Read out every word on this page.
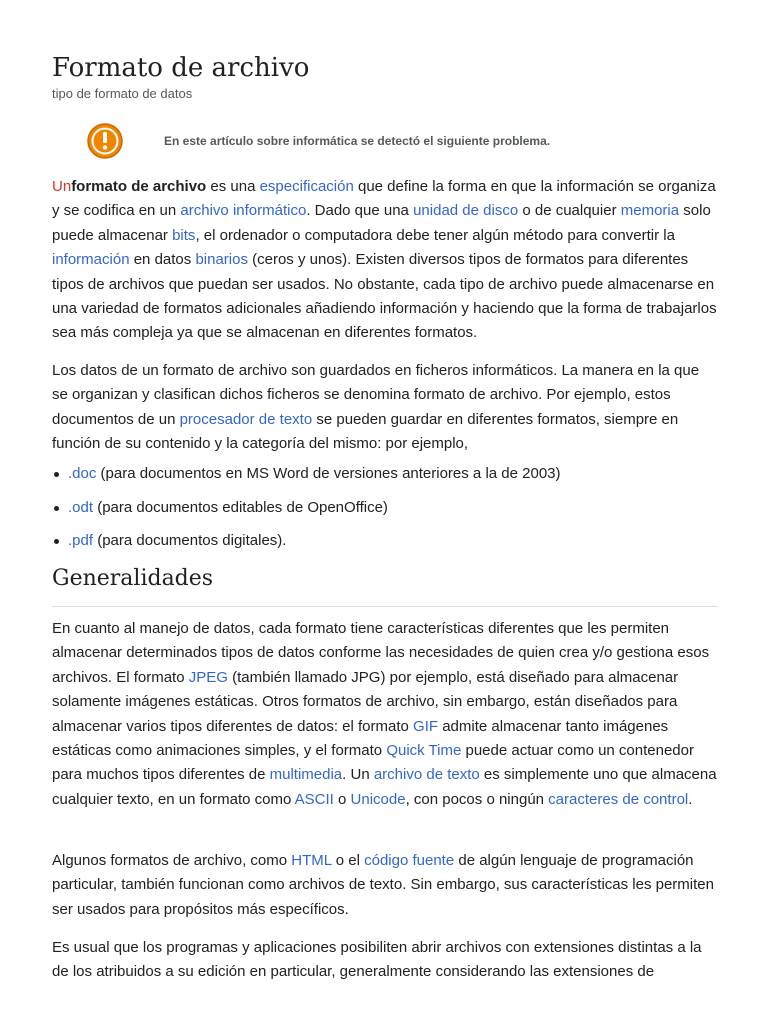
Formato de archivo
tipo de formato de datos
En este artículo sobre informática se detectó el siguiente problema.

Unformato de archivo es una especificación que define la forma en que la información se organiza y se codifica en un archivo informático. Dado que una unidad de disco o de cualquier memoria solo puede almacenar bits, el ordenador o computadora debe tener algún método para convertir la información en datos binarios (ceros y unos). Existen diversos tipos de formatos para diferentes tipos de archivos que puedan ser usados. No obstante, cada tipo de archivo puede almacenarse en una variedad de formatos adicionales añadiendo información y haciendo que la forma de trabajarlos sea más compleja ya que se almacenan en diferentes formatos.

Los datos de un formato de archivo son guardados en ficheros informáticos. La manera en la que se organizan y clasifican dichos ficheros se denomina formato de archivo. Por ejemplo, estos documentos de un procesador de texto se pueden guardar en diferentes formatos, siempre en función de su contenido y la categoría del mismo: por ejemplo,

.doc (para documentos en MS Word de versiones anteriores a la de 2003)
.odt (para documentos editables de OpenOffice)
.pdf (para documentos digitales).
Generalidades

En cuanto al manejo de datos, cada formato tiene características diferentes que les permiten almacenar determinados tipos de datos conforme las necesidades de quien crea y/o gestiona esos archivos. El formato JPEG (también llamado JPG) por ejemplo, está diseñado para almacenar solamente imágenes estáticas. Otros formatos de archivo, sin embargo, están diseñados para almacenar varios tipos diferentes de datos: el formato GIF admite almacenar tanto imágenes estáticas como animaciones simples, y el formato Quick Time puede actuar como un contenedor para muchos tipos diferentes de multimedia. Un archivo de texto es simplemente uno que almacena cualquier texto, en un formato como ASCII o Unicode, con pocos o ningún caracteres de control.

Algunos formatos de archivo, como HTML o el código fuente de algún lenguaje de programación particular, también funcionan como archivos de texto. Sin embargo, sus características les permiten ser usados para propósitos más específicos.

Es usual que los programas y aplicaciones posibiliten abrir archivos con extensiones distintas a la de los atribuidos a su edición en particular, generalmente considerando las extensiones de
